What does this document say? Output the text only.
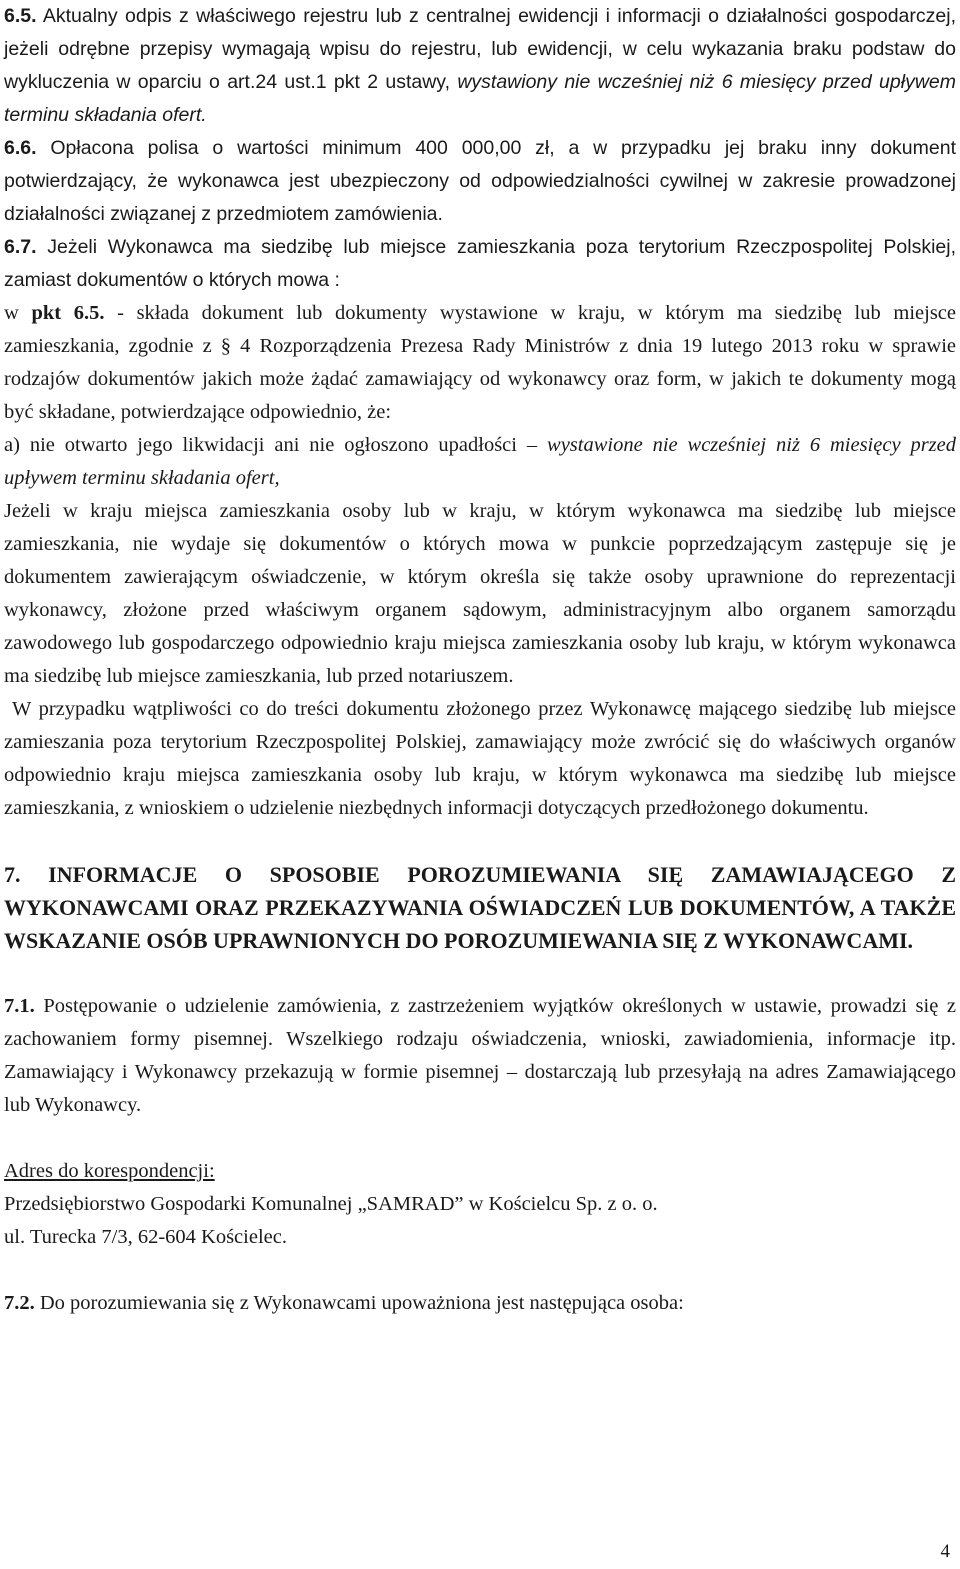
6.5. Aktualny odpis z właściwego rejestru lub z centralnej ewidencji i informacji o działalności gospodarczej, jeżeli odrębne przepisy wymagają wpisu do rejestru, lub ewidencji, w celu wykazania braku podstaw do wykluczenia w oparciu o art.24 ust.1 pkt 2 ustawy, wystawiony nie wcześniej niż 6 miesięcy przed upływem terminu składania ofert.

6.6. Opłacona polisa o wartości minimum 400 000,00 zł, a w przypadku jej braku inny dokument potwierdzający, że wykonawca jest ubezpieczony od odpowiedzialności cywilnej w zakresie prowadzonej działalności związanej z przedmiotem zamówienia.

6.7. Jeżeli Wykonawca ma siedzibę lub miejsce zamieszkania poza terytorium Rzeczpospolitej Polskiej, zamiast dokumentów o których mowa :

w pkt 6.5. - składa dokument lub dokumenty wystawione w kraju, w którym ma siedzibę lub miejsce zamieszkania, zgodnie z § 4 Rozporządzenia Prezesa Rady Ministrów z dnia 19 lutego 2013 roku w sprawie rodzajów dokumentów jakich może żądać zamawiający od wykonawcy oraz form, w jakich te dokumenty mogą być składane, potwierdzające odpowiednio, że:

a) nie otwarto jego likwidacji ani nie ogłoszono upadłości – wystawione nie wcześniej niż 6 miesięcy przed upływem terminu składania ofert,

Jeżeli w kraju miejsca zamieszkania osoby lub w kraju, w którym wykonawca ma siedzibę lub miejsce zamieszkania, nie wydaje się dokumentów o których mowa w punkcie poprzedzającym zastępuje się je dokumentem zawierającym oświadczenie, w którym określa się także osoby uprawnione do reprezentacji wykonawcy, złożone przed właściwym organem sądowym, administracyjnym albo organem samorządu zawodowego lub gospodarczego odpowiednio kraju miejsca zamieszkania osoby lub kraju, w którym wykonawca ma siedzibę lub miejsce zamieszkania, lub przed notariuszem.

W przypadku wątpliwości co do treści dokumentu złożonego przez Wykonawcę mającego siedzibę lub miejsce zamieszania poza terytorium Rzeczpospolitej Polskiej, zamawiający może zwrócić się do właściwych organów odpowiednio kraju miejsca zamieszkania osoby lub kraju, w którym wykonawca ma siedzibę lub miejsce zamieszkania, z wnioskiem o udzielenie niezbędnych informacji dotyczących przedłożonego dokumentu.

7. INFORMACJE O SPOSOBIE POROZUMIEWANIA SIĘ ZAMAWIAJĄCEGO Z WYKONAWCAMI ORAZ PRZEKAZYWANIA OŚWIADCZEŃ LUB DOKUMENTÓW, A TAKŻE WSKAZANIE OSÓB UPRAWNIONYCH DO POROZUMIEWANIA SIĘ Z WYKONAWCAMI.

7.1. Postępowanie o udzielenie zamówienia, z zastrzeżeniem wyjątków określonych w ustawie, prowadzi się z zachowaniem formy pisemnej. Wszelkiego rodzaju oświadczenia, wnioski, zawiadomienia, informacje itp. Zamawiający i Wykonawcy przekazują w formie pisemnej – dostarczają lub przesyłają na adres Zamawiającego lub Wykonawcy.

Adres do korespondencji:

Przedsiębiorstwo Gospodarki Komunalnej „SAMRAD” w Kościelcu Sp. z o. o.

ul. Turecka 7/3, 62-604 Kościelec.

7.2. Do porozumiewania się z Wykonawcami upoważniona jest następująca osoba:

4
